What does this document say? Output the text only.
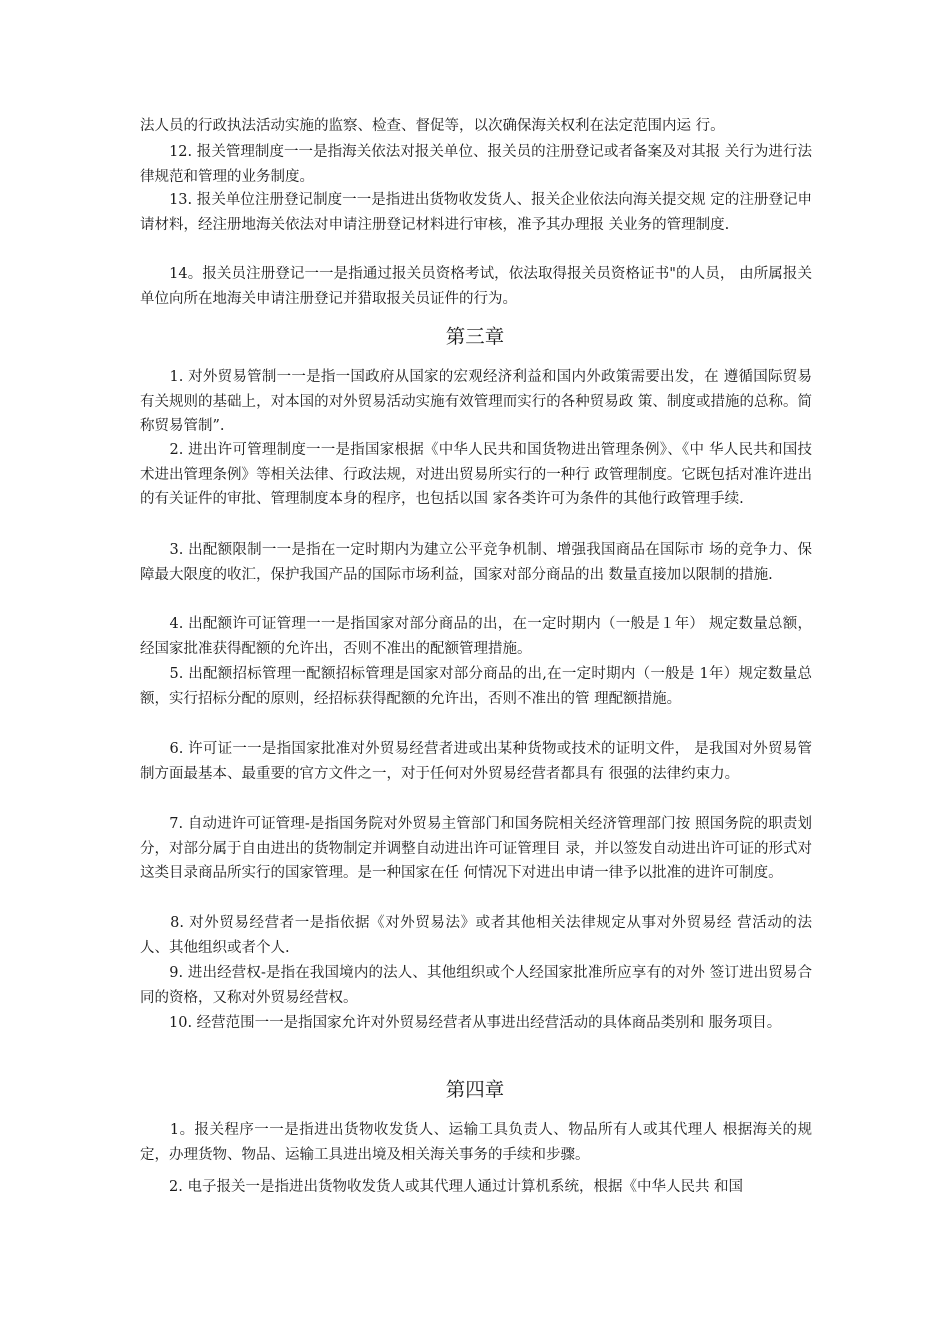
法人员的行政执法活动实施的监察、检查、督促等，以次确保海关权利在法定范围内运 行。

　　12. 报关管理制度一一是指海关依法对报关单位、报关员的注册登记或者备案及对其报 关行为进行法律规范和管理的业务制度。

　　13. 报关单位注册登记制度一一是指进出货物收发货人、报关企业依法向海关提交规 定的注册登记申请材料，经注册地海关依法对申请注册登记材料进行审核，准予其办理报 关业务的管理制度.

　　14。报关员注册登记一一是指通过报关员资格考试，依法取得报关员资格证书"的人员， 由所属报关单位向所在地海关申请注册登记并猎取报关员证件的行为。

第三章

　　1. 对外贸易管制一一是指一国政府从国家的宏观经济利益和国内外政策需要出发，在 遵循国际贸易有关规则的基础上，对本国的对外贸易活动实施有效管理而实行的各种贸易政 策、制度或措施的总称。简称贸易管制”.

　　2. 进出许可管理制度一一是指国家根据《中华人民共和国货物进出管理条例》、《中 华人民共和国技术进出管理条例》等相关法律、行政法规，对进出贸易所实行的一种行 政管理制度。它既包括对准许进出的有关证件的审批、管理制度本身的程序，也包括以国 家各类许可为条件的其他行政管理手续.

　　3. 出配额限制一一是指在一定时期内为建立公平竞争机制、增强我国商品在国际市 场的竞争力、保障最大限度的收汇，保护我国产品的国际市场利益，国家对部分商品的出 数量直接加以限制的措施.

　　4. 出配额许可证管理一一是指国家对部分商品的出，在一定时期内（一般是１年） 规定数量总额，经国家批准获得配额的允许出，否则不准出的配额管理措施。

　　5. 出配额招标管理一配额招标管理是国家对部分商品的出,在一定时期内（一般是 1年）规定数量总额，实行招标分配的原则，经招标获得配额的允许出，否则不准出的管 理配额措施。

　　6. 许可证一一是指国家批准对外贸易经营者进或出某种货物或技术的证明文件， 是我国对外贸易管制方面最基本、最重要的官方文件之一，对于任何对外贸易经营者都具有 很强的法律约束力。

　　7. 自动进许可证管理-是指国务院对外贸易主管部门和国务院相关经济管理部门按 照国务院的职责划分，对部分属于自由进出的货物制定并调整自动进出许可证管理目 录，并以签发自动进出许可证的形式对这类目录商品所实行的国家管理。是一种国家在任 何情况下对进出申请一律予以批准的进许可制度。

　　8. 对外贸易经营者一是指依据《对外贸易法》或者其他相关法律规定从事对外贸易经 营活动的法人、其他组织或者个人.

　　9. 进出经营权-是指在我国境内的法人、其他组织或个人经国家批准所应享有的对外 签订进出贸易合同的资格，又称对外贸易经营权。

　　10. 经营范围一一是指国家允许对外贸易经营者从事进出经营活动的具体商品类别和 服务项目。

第四章

　　1。报关程序一一是指进出货物收发货人、运输工具负责人、物品所有人或其代理人 根据海关的规定，办理货物、物品、运输工具进出境及相关海关事务的手续和步骤。

　　2. 电子报关一是指进出货物收发货人或其代理人通过计算机系统，根据《中华人民共 和国
